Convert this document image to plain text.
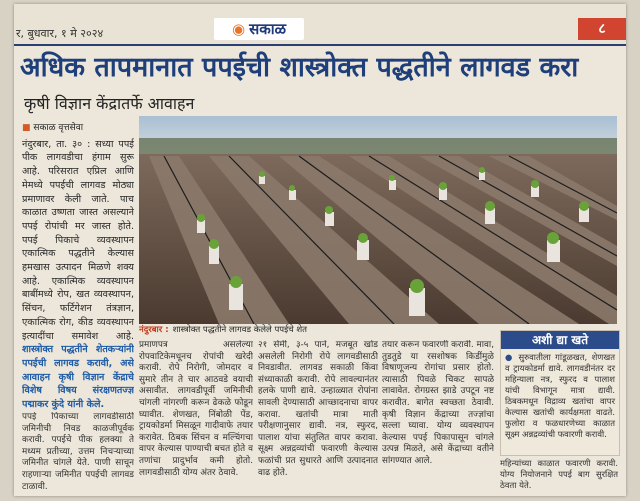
र, बुधवार, १ मे २०२४	◉ सकाळ	८
अधिक तापमानात पपईची शास्त्रोक्त पद्धतीने लागवड करा
कृषी विज्ञान केंद्रातर्फे आवाहन
■ सकाळ वृत्तसेवा
नंदुरबार, ता. ३० : सध्या पपई पीक लागवडीचा हंगाम सुरू आहे. परिसरात एप्रिल आणि मेमध्ये पपईची लागवड मोठ्या प्रमाणावर केली जाते. पाच काळात उष्णता जास्त असल्याने पपई रोपांची मर जास्त होते. पपई पिकाचे व्यवस्थापन एकात्मिक पद्धतीने केल्यास हमखास उत्पादन मिळणे शक्य आहे. एकात्मिक व्यवस्थापन बाबींमध्ये रोप, खत व्यवस्थापन, सिंचन, फर्टिगेशन तंत्रज्ञान, एकात्मिक रोग, कीड व्यवस्थापन इत्यादींचा समावेश आहे. शास्त्रोक्त पद्धतीने शेतकऱ्यांनी पपईची लागवड करावी, असे आवाहन कृषी विज्ञान केंद्राचे विशेष विषय संरक्षणतज्ज्ञ पद्माकर कुंदे यांनी केले.
नंदुरबार : शास्त्रोक्त पद्धतीने लागवड केलेले पपईचे शेत
पपई पिकाच्या लागवडीसाठी जमिनीची निवड काळजीपूर्वक करावी. पपईचे पीक हलक्या ते मध्यम प्रतीच्या, उत्तम निचऱ्याच्या जमिनीत चांगले येते. पाणी साचून राहणाऱ्या जमिनीत पपईची लागवड टाळावी.
प्रमाणपत्र असलेल्या रोपवाटिकेमधूनच रोपांची खरेदी करावी. रोपे निरोगी, जोमदार व सुमारे तीन ते चार आठवडे वयाची असावीत. लागवडीपूर्वी जमिनीची चांगली नांगरणी करून ढेकळे फोडून घ्यावीत. शेणखत, निंबोळी पेंड, ट्रायकोडर्मा मिसळून गादीवाफे तयार करावेत. ठिबक सिंचन व मल्चिंगचा वापर केल्यास पाण्याची बचत होते व तणांचा प्रादुर्भाव कमी होतो. लागवडीसाठी योग्य अंतर ठेवावे.
२१ सेमी, ३-५ पाने, मजबूत खोड असलेली निरोगी रोपे लागवडीसाठी निवडावीत. लागवड सकाळी किंवा संध्याकाळी करावी. रोपे लावल्यानंतर हलके पाणी द्यावे. उन्हाळ्यात रोपांना सावली देण्यासाठी आच्छादनाचा वापर करावा. खतांची मात्रा माती परीक्षणानुसार द्यावी. नत्र, स्फुरद, पालाश यांचा संतुलित वापर करावा. सूक्ष्म अन्नद्रव्यांची फवारणी केल्यास फळांची प्रत सुधारते आणि उत्पादनात वाढ होते.
तयार करून फवारणी करावी. मावा, तुडतुडे या रसशोषक किडींमुळे विषाणूजन्य रोगांचा प्रसार होतो. त्यासाठी पिवळे चिकट सापळे लावावेत. रोगग्रस्त झाडे उपटून नष्ट करावीत. बागेत स्वच्छता ठेवावी. कृषी विज्ञान केंद्राच्या तज्ज्ञांचा सल्ला घ्यावा. योग्य व्यवस्थापन केल्यास पपई पिकापासून चांगले उत्पन्न मिळते, असे केंद्राच्या वतीने सांगण्यात आले.
अशी द्या खते
● सुरुवातीला गांडूळखत, शेणखत व ट्रायकोडर्मा द्यावे. लागवडीनंतर दर महिन्याला नत्र, स्फुरद व पालाश यांची विभागून मात्रा द्यावी. ठिबकमधून विद्राव्य खतांचा वापर केल्यास खतांची कार्यक्षमता वाढते. फुलोरा व फळधारणेच्या काळात सूक्ष्म अन्नद्रव्यांची फवारणी करावी.
महिन्यांच्या काळात फवारणी करावी. योग्य नियोजनाने पपई बाग सुरक्षित ठेवता येते.
